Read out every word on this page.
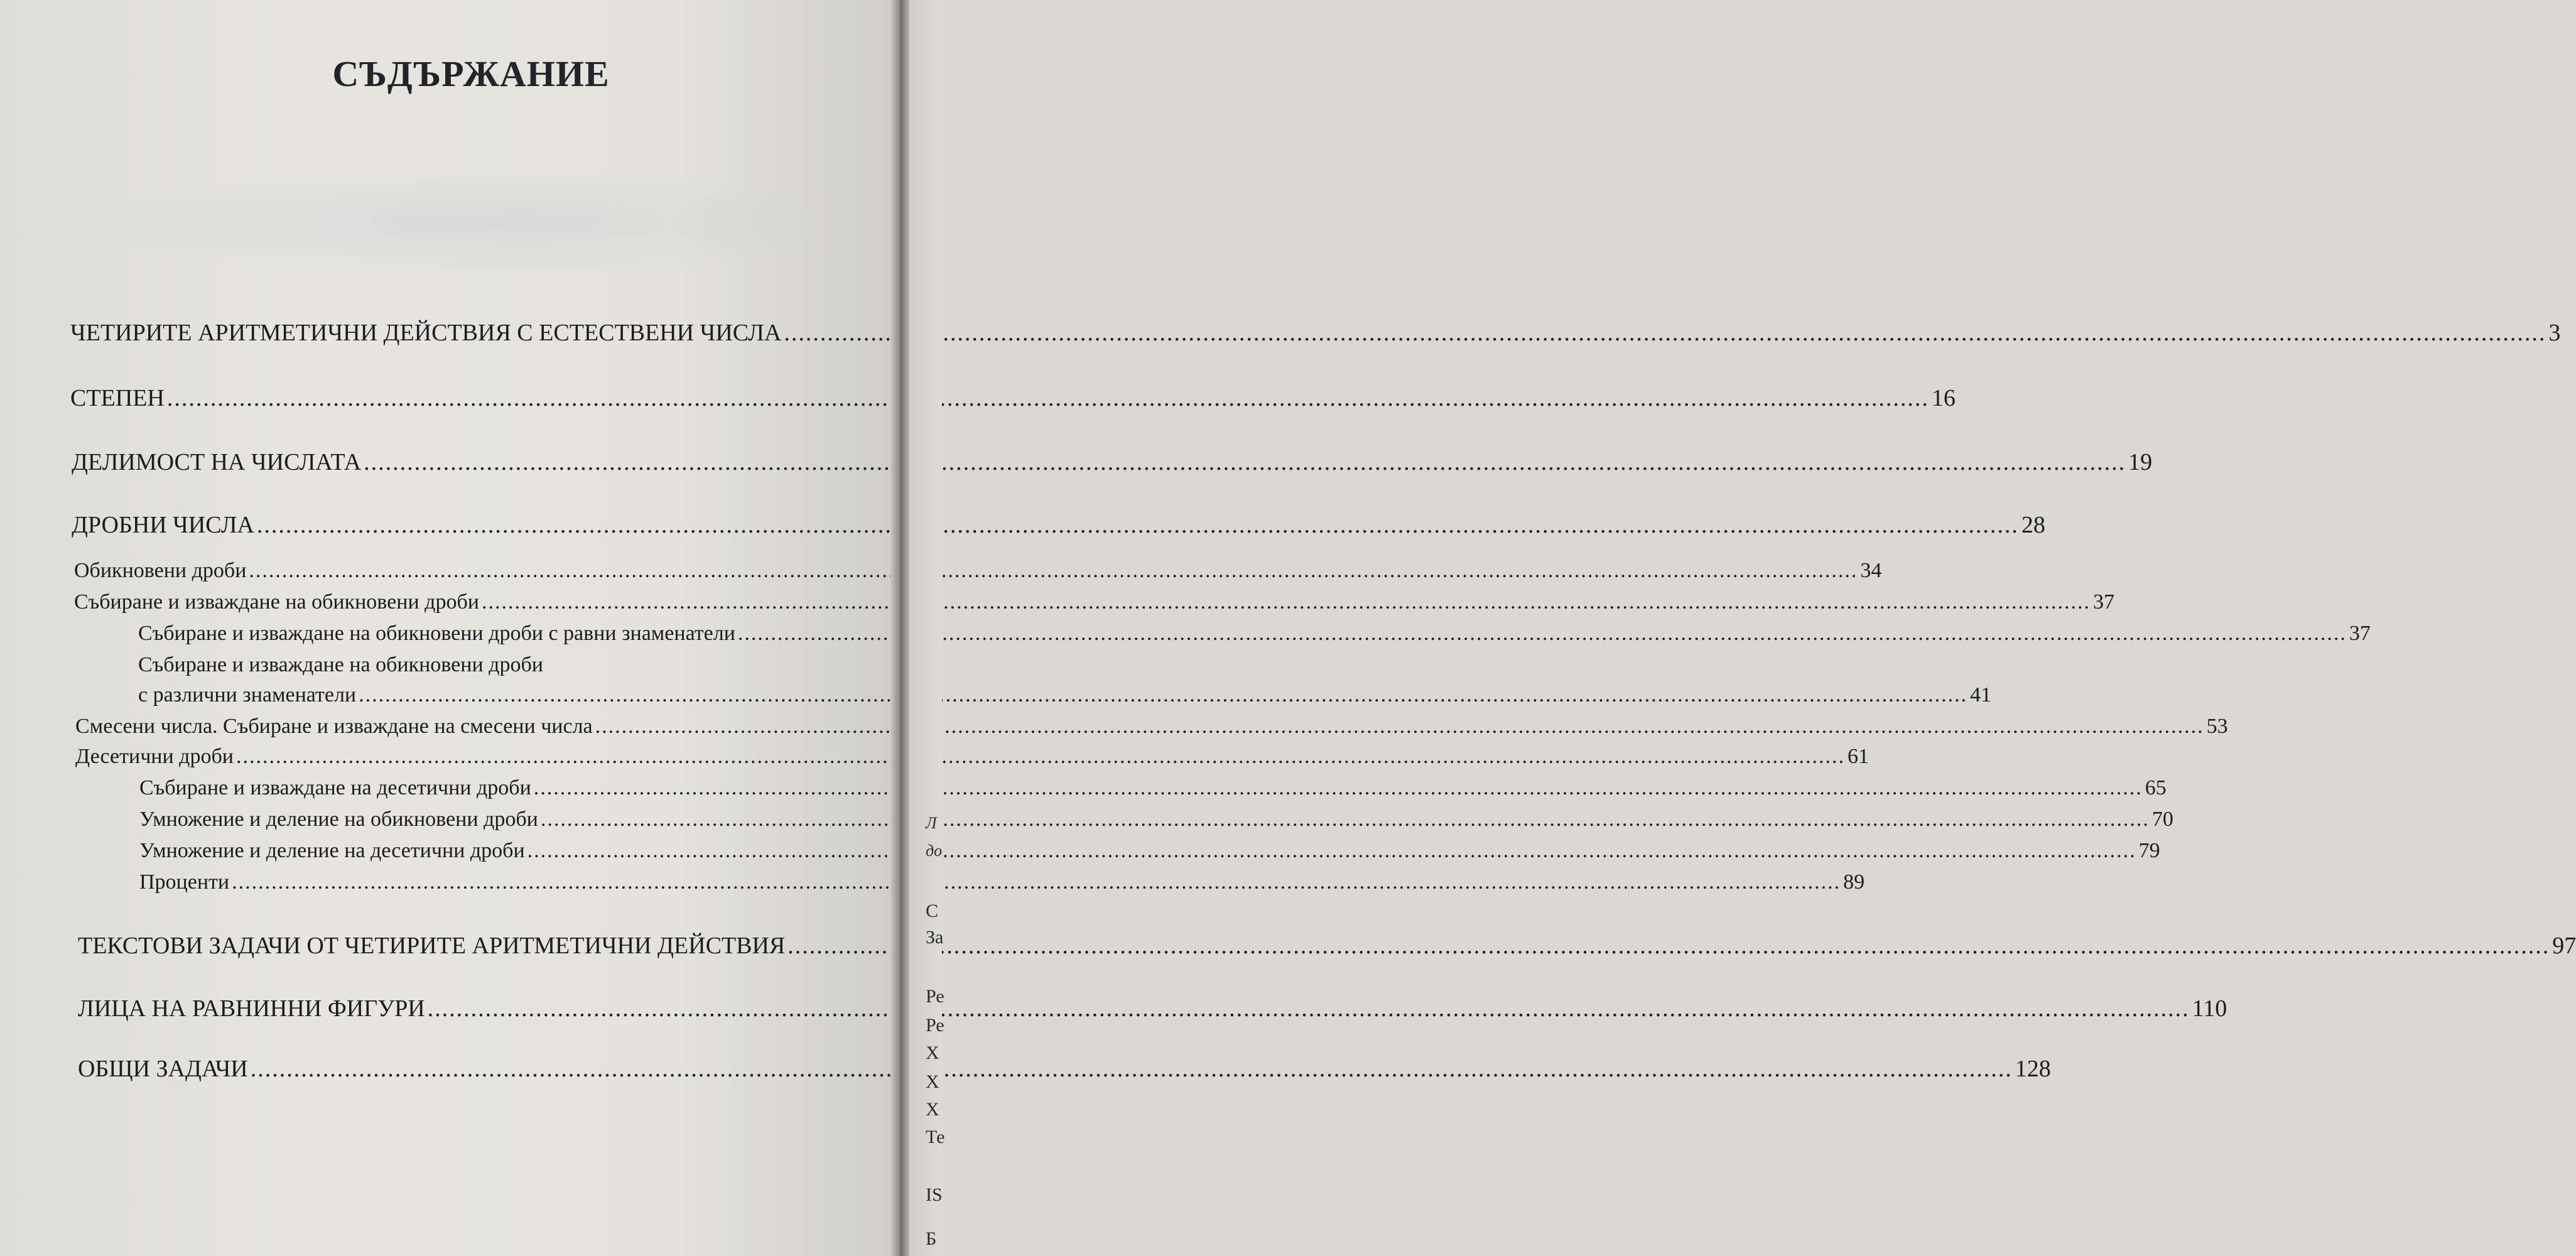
СЪДЪРЖАНИЕ
ЧЕТИРИТЕ АРИТМЕТИЧНИ ДЕЙСТВИЯ С ЕСТЕСТВЕНИ ЧИСЛА .....	3
СТЕПЕН .....	16
ДЕЛИМОСТ НА ЧИСЛАТА .....	19
ДРОБНИ ЧИСЛА .....	28
Обикновени дроби .....	34
Събиране и изваждане на обикновени дроби .....	37
Събиране и изваждане на обикновени дроби с равни знаменатели .....	37
Събиране и изваждане на обикновени дроби
с различни знаменатели .....	41
Смесени числа. Събиране и изваждане на смесени числа .....	53
Десетични дроби .....	61
Събиране и изваждане на десетични дроби .....	65
Умножение и деление на обикновени дроби .....	70
Умножение и деление на десетични дроби .....	79
Проценти .....	89
ТЕКСТОВИ ЗАДАЧИ ОТ ЧЕТИРИТЕ АРИТМЕТИЧНИ ДЕЙСТВИЯ .....	97
ЛИЦА НА РАВНИННИ ФИГУРИ .....	110
ОБЩИ ЗАДАЧИ .....	128
Л
до
С
За
Ре
Ре
Х
Х
Х
Те
IS
Б
